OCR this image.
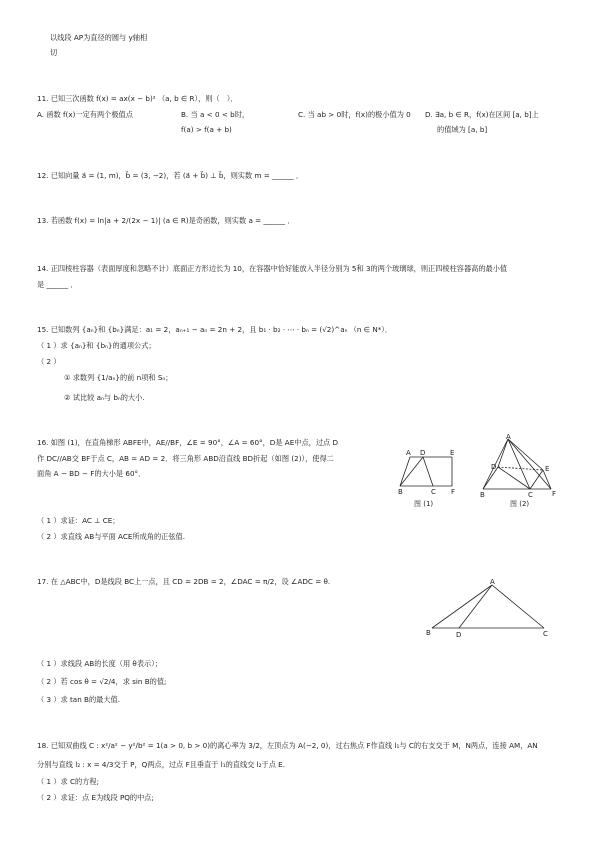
以线段 AP为直径的圆与 y轴相
切
11. 已知三次函数 f(x) = ax(x − b)² （a, b ∈ R），则（　）．
A. 函数 f(x)一定有两个极值点	B. 当 a < 0 < b时，
f(a) > f(a + b)
C. 当 ab > 0时，f(x)的极小值为 0 D. ∃a, b ∈ R，f(x)在区间 [a, b]上
的值域为 [a, b]
12. 已知向量 a⃗ = (1, m)，b⃗ = (3, −2)，若 (a⃗ + b⃗) ⊥ b⃗，则实数 m = ______ ．
13. 若函数 f(x) = ln|a + 2/(2x − 1)| (a ∈ R)是奇函数，则实数 a = ______ ．
14. 正四棱柱容器（表面厚度和忽略不计）底面正方形边长为 10，在容器中恰好能放入半径分别为 5和 3的两个玻璃球，则正四棱柱容器高的最小值
是 ______ ．
15. 已知数列 {aₙ}和 {bₙ}满足：a₁ = 2，aₙ₊₁ − aₙ = 2n + 2，且 b₁ · b₂ · ⋯ · bₙ = (√2)^aₙ （n ∈ N*）．
（ 1 ）求 {aₙ}和 {bₙ}的通项公式；
（ 2 ）
① 求数列 {1/aₙ}的前 n项和 Sₙ；
② 试比较 aₙ与 bₙ的大小.
16. 如图 (1)，在直角梯形 ABFE中，AE//BF，∠E = 90°，∠A = 60°，D是 AE中点，过点 D
作 DC//AB交 BF于点 C，AB = AD = 2．将三角形 ABD沿直线 BD折起（如图 (2)），使得二
面角 A − BD − F的大小是 60°．
A D	E
B	C F
图 (1)
A
D	E
B	C	F
图 (2)
（ 1 ）求证：AC ⊥ CE；
（ 2 ）求直线 AB与平面 ACE所成角的正弦值.
17. 在 △ABC中，D是线段 BC上一点，且 CD = 2DB = 2，∠DAC = π/2，设 ∠ADC = θ.	A
B	D	C
（ 1 ）求线段 AB的长度（用 θ表示）；
（ 2 ）若 cos θ = √2/4，求 sin B的值;
（ 3 ）求 tan B的最大值.
18. 已知双曲线 C : x²/a² − y²/b² = 1(a > 0, b > 0)的离心率为 3/2，左顶点为 A(−2, 0)，过右焦点 F作直线 l₁与 C的右支交于 M，N两点，连接 AM，AN
分别与直线 l₂ : x = 4/3交于 P，Q两点，过点 F且垂直于 l₁的直线交 l₂于点 E.
（ 1 ）求 C的方程;
（ 2 ）求证：点 E为线段 PQ的中点;
